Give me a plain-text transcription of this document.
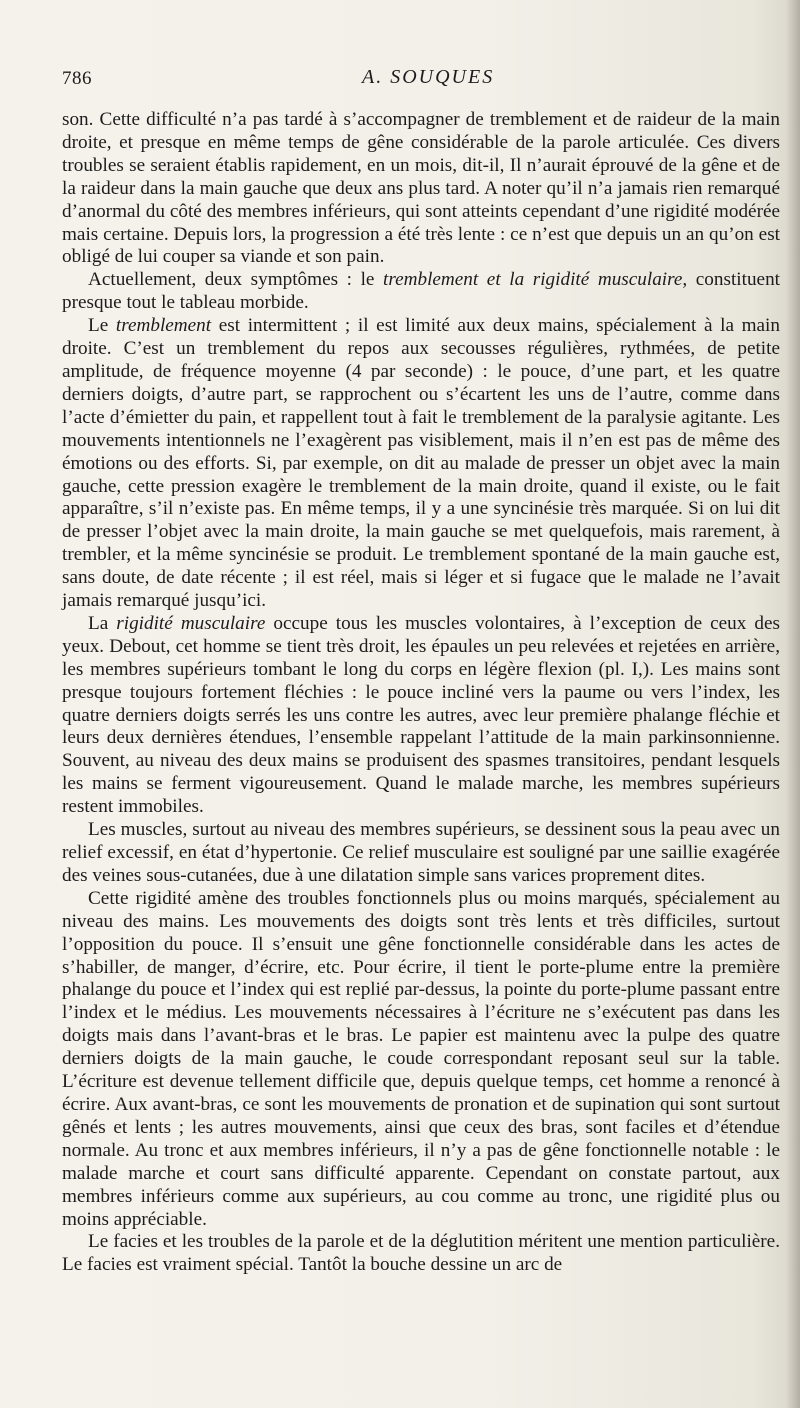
786	A. SOUQUES

son. Cette difficulté n’a pas tardé à s’accompagner de tremblement et de raideur de la main droite, et presque en même temps de gêne considérable de la parole articulée. Ces divers troubles se seraient établis rapidement, en un mois, dit-il, Il n’aurait éprouvé de la gêne et de la raideur dans la main gauche que deux ans plus tard. A noter qu’il n’a jamais rien remarqué d’anormal du côté des membres inférieurs, qui sont atteints cependant d’une rigidité modérée mais certaine. Depuis lors, la progression a été très lente : ce n’est que depuis un an qu’on est obligé de lui couper sa viande et son pain.

Actuellement, deux symptômes : le tremblement et la rigidité musculaire, constituent presque tout le tableau morbide.

Le tremblement est intermittent ; il est limité aux deux mains, spécialement à la main droite. C’est un tremblement du repos aux secousses régulières, rythmées, de petite amplitude, de fréquence moyenne (4 par seconde) : le pouce, d’une part, et les quatre derniers doigts, d’autre part, se rapprochent ou s’écartent les uns de l’autre, comme dans l’acte d’émietter du pain, et rappellent tout à fait le tremblement de la paralysie agitante. Les mouvements intentionnels ne l’exagèrent pas visiblement, mais il n’en est pas de même des émotions ou des efforts. Si, par exemple, on dit au malade de presser un objet avec la main gauche, cette pression exagère le tremblement de la main droite, quand il existe, ou le fait apparaître, s’il n’existe pas. En même temps, il y a une syncinésie très marquée. Si on lui dit de presser l’objet avec la main droite, la main gauche se met quelquefois, mais rarement, à trembler, et la même syncinésie se produit. Le tremblement spontané de la main gauche est, sans doute, de date récente ; il est réel, mais si léger et si fugace que le malade ne l’avait jamais remarqué jusqu’ici.

La rigidité musculaire occupe tous les muscles volontaires, à l’exception de ceux des yeux. Debout, cet homme se tient très droit, les épaules un peu relevées et rejetées en arrière, les membres supérieurs tombant le long du corps en légère flexion (pl. I,). Les mains sont presque toujours fortement fléchies : le pouce incliné vers la paume ou vers l’index, les quatre derniers doigts serrés les uns contre les autres, avec leur première phalange fléchie et leurs deux dernières étendues, l’ensemble rappelant l’attitude de la main parkinsonnienne. Souvent, au niveau des deux mains se produisent des spasmes transitoires, pendant lesquels les mains se ferment vigoureusement. Quand le malade marche, les membres supérieurs restent immobiles.

Les muscles, surtout au niveau des membres supérieurs, se dessinent sous la peau avec un relief excessif, en état d’hypertonie. Ce relief musculaire est souligné par une saillie exagérée des veines sous-cutanées, due à une dilatation simple sans varices proprement dites.

Cette rigidité amène des troubles fonctionnels plus ou moins marqués, spécialement au niveau des mains. Les mouvements des doigts sont très lents et très difficiles, surtout l’opposition du pouce. Il s’ensuit une gêne fonctionnelle considérable dans les actes de s’habiller, de manger, d’écrire, etc. Pour écrire, il tient le porte-plume entre la première phalange du pouce et l’index qui est replié par-dessus, la pointe du porte-plume passant entre l’index et le médius. Les mouvements nécessaires à l’écriture ne s’exécutent pas dans les doigts mais dans l’avant-bras et le bras. Le papier est maintenu avec la pulpe des quatre derniers doigts de la main gauche, le coude correspondant reposant seul sur la table. L’écriture est devenue tellement difficile que, depuis quelque temps, cet homme a renoncé à écrire. Aux avant-bras, ce sont les mouvements de pronation et de supination qui sont surtout gênés et lents ; les autres mouvements, ainsi que ceux des bras, sont faciles et d’étendue normale. Au tronc et aux membres inférieurs, il n’y a pas de gêne fonctionnelle notable : le malade marche et court sans difficulté apparente. Cependant on constate partout, aux membres inférieurs comme aux supérieurs, au cou comme au tronc, une rigidité plus ou moins appréciable.

Le facies et les troubles de la parole et de la déglutition méritent une mention particulière. Le facies est vraiment spécial. Tantôt la bouche dessine un arc de
